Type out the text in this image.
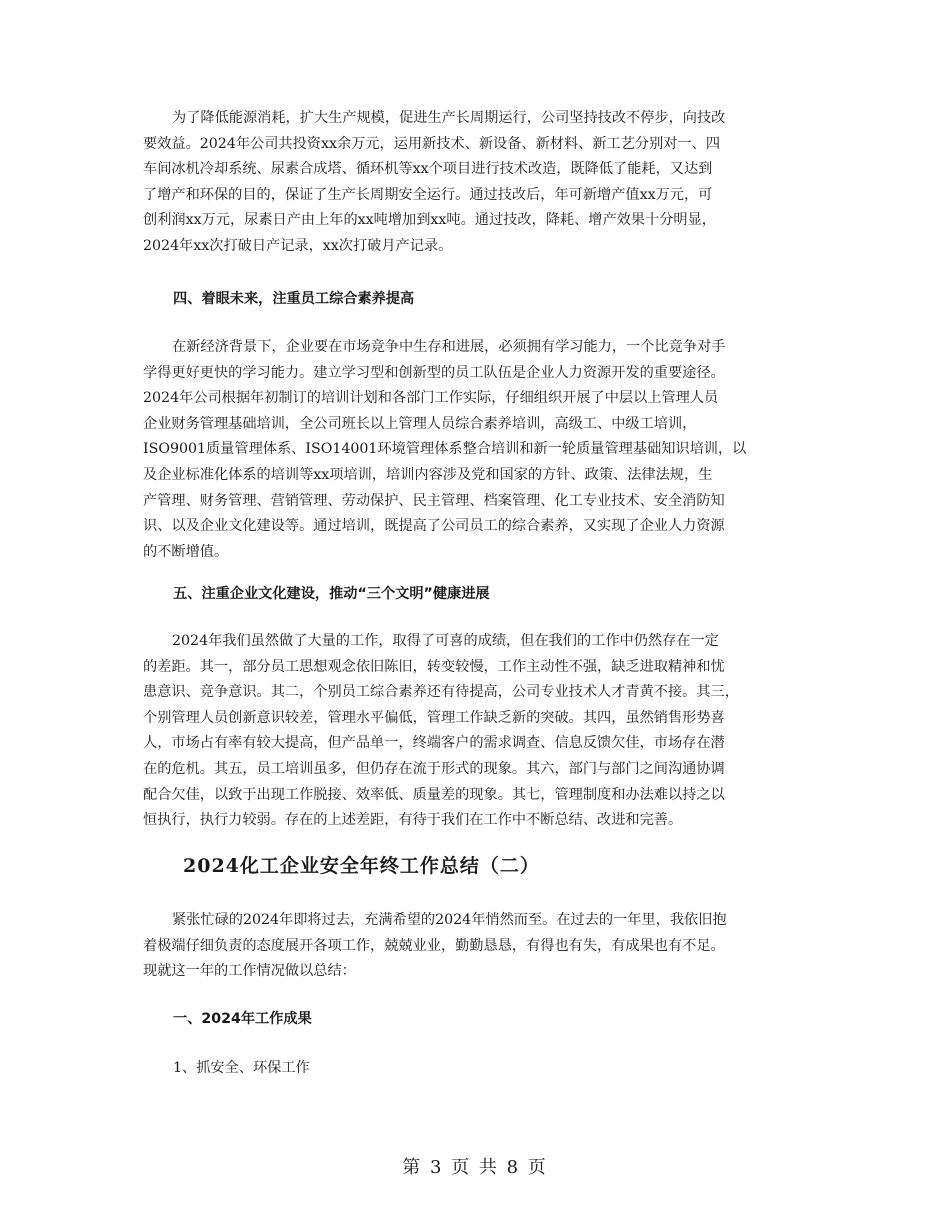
为了降低能源消耗，扩大生产规模，促进生产长周期运行，公司坚持技改不停步，向技改
要效益。2024年公司共投资xx余万元，运用新技术、新设备、新材料、新工艺分别对一、四
车间冰机冷却系统、尿素合成塔、循环机等xx个项目进行技术改造，既降低了能耗，又达到
了增产和环保的目的，保证了生产长周期安全运行。通过技改后，年可新增产值xx万元，可
创利润xx万元，尿素日产由上年的xx吨增加到xx吨。通过技改，降耗、增产效果十分明显，
2024年xx次打破日产记录，xx次打破月产记录。
四、着眼未来，注重员工综合素养提高
在新经济背景下，企业要在市场竞争中生存和进展，必须拥有学习能力，一个比竞争对手
学得更好更快的学习能力。建立学习型和创新型的员工队伍是企业人力资源开发的重要途径。
2024年公司根据年初制订的培训计划和各部门工作实际，仔细组织开展了中层以上管理人员
企业财务管理基础培训，全公司班长以上管理人员综合素养培训，高级工、中级工培训，
ISO9001质量管理体系、ISO14001环境管理体系整合培训和新一轮质量管理基础知识培训，以
及企业标准化体系的培训等xx项培训，培训内容涉及党和国家的方针、政策、法律法规，生
产管理、财务管理、营销管理、劳动保护、民主管理、档案管理、化工专业技术、安全消防知
识、以及企业文化建设等。通过培训，既提高了公司员工的综合素养，又实现了企业人力资源
的不断增值。
五、注重企业文化建设，推动“三个文明”健康进展
2024年我们虽然做了大量的工作，取得了可喜的成绩，但在我们的工作中仍然存在一定
的差距。其一，部分员工思想观念依旧陈旧，转变较慢，工作主动性不强，缺乏进取精神和忧
患意识、竞争意识。其二，个别员工综合素养还有待提高，公司专业技术人才青黄不接。其三，
个别管理人员创新意识较差，管理水平偏低，管理工作缺乏新的突破。其四，虽然销售形势喜
人，市场占有率有较大提高，但产品单一，终端客户的需求调查、信息反馈欠佳，市场存在潜
在的危机。其五，员工培训虽多，但仍存在流于形式的现象。其六，部门与部门之间沟通协调
配合欠佳，以致于出现工作脱接、效率低、质量差的现象。其七，管理制度和办法难以持之以
恒执行，执行力较弱。存在的上述差距，有待于我们在工作中不断总结、改进和完善。
2024化工企业安全年终工作总结（二）
紧张忙碌的2024年即将过去，充满希望的2024年悄然而至。在过去的一年里，我依旧抱
着极端仔细负责的态度展开各项工作，兢兢业业，勤勤恳恳，有得也有失，有成果也有不足。
现就这一年的工作情况做以总结：
一、2024年工作成果

1、抓安全、环保工作

第 3 页 共 8 页
